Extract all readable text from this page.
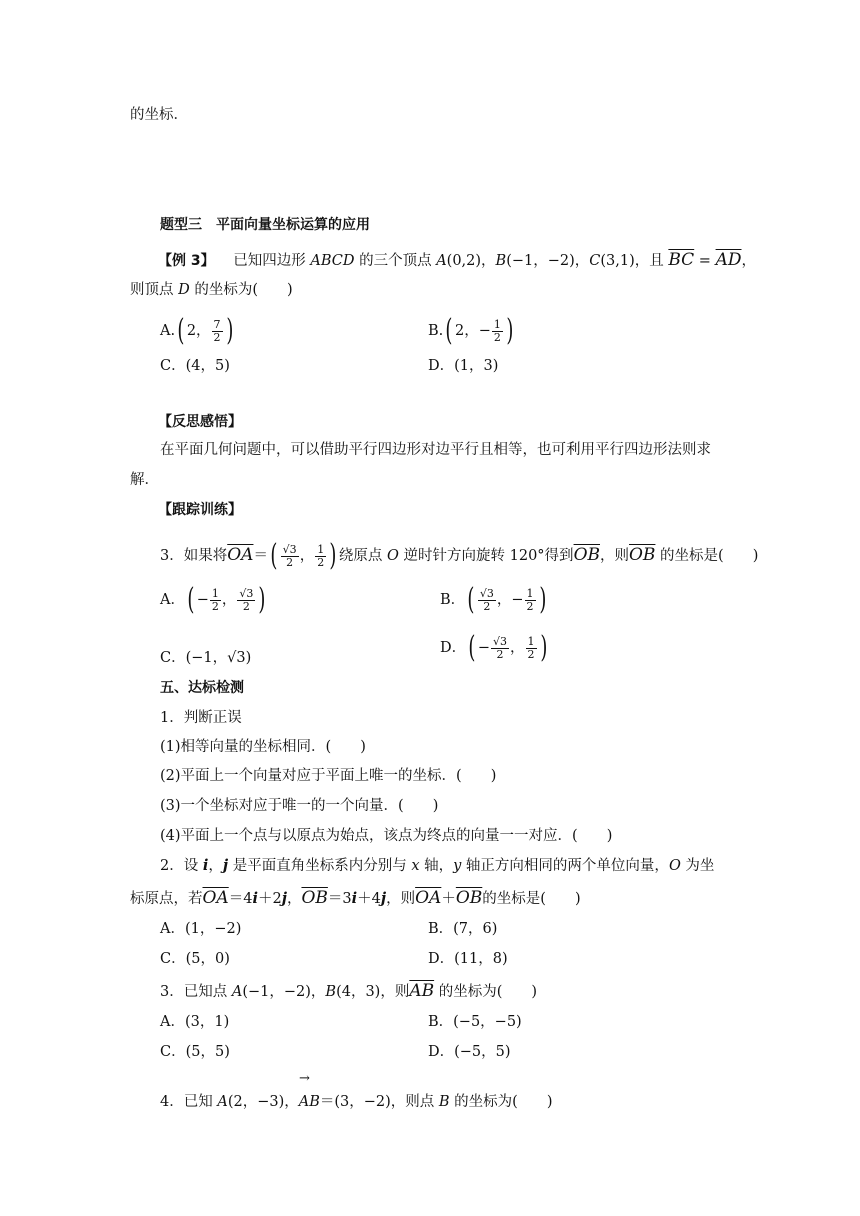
的坐标．
题型三　平面向量坐标运算的应用
【例 3】 已知四边形 ABCD 的三个顶点 A(0,2)，B(−1，−2)，C(3,1)，且 $\overline{BC} = \overline{AD}$，
则顶点 D 的坐标为(　　)
A.( 2， $\frac{7}{2}$ )	B.( 2，− $\frac{1}{2}$ )
C．(4，5)	D．(1，3)
【反思感悟】
在平面几何问题中，可以借助平行四边形对边平行且相等，也可利用平行四边形法则求
解．
【跟踪训练】
3．如果将$\overline{OA}=( \frac{√3}{2}$ ， $\frac{1}{2}$ ) 绕原点 O 逆时针方向旋转 120°得到$\overline{OB}$，则$\overline{OB}$ 的坐标是(　　)
A．( − $\frac{1}{2}$ ， $\frac{√3}{2}$ )	B．( $\frac{√3}{2}$ ，− $\frac{1}{2}$ )
C．(−1，√3)
D．( − $\frac{√3}{2}$ ， $\frac{1}{2}$ )
五、达标检测
1．判断正误
(1)相等向量的坐标相同．(　　)
(2)平面上一个向量对应于平面上唯一的坐标．(　　)
(3)一个坐标对应于唯一的一个向量．(　　)
(4)平面上一个点与以原点为始点，该点为终点的向量一一对应．(　　)
2．设 i，j 是平面直角坐标系内分别与 x 轴，y 轴正方向相同的两个单位向量，O 为坐
标原点，若$\overline{OA}=4i+2j$，$\overline{OB}=3i+4j$，则$\overline{OA}+\overline{OB}$的坐标是(　　)
A．(1，−2)	B．(7，6)
C．(5，0)	D．(11，8)
3．已知点 A(−1，−2)，B(4，3)，则$\overline{AB}$ 的坐标为(　　)
A．(3，1)	B．(−5，−5)
C．(5，5)	D．(−5，5)
→
4．已知 A(2，−3)，AB＝(3，−2)，则点 B 的坐标为(　　)
